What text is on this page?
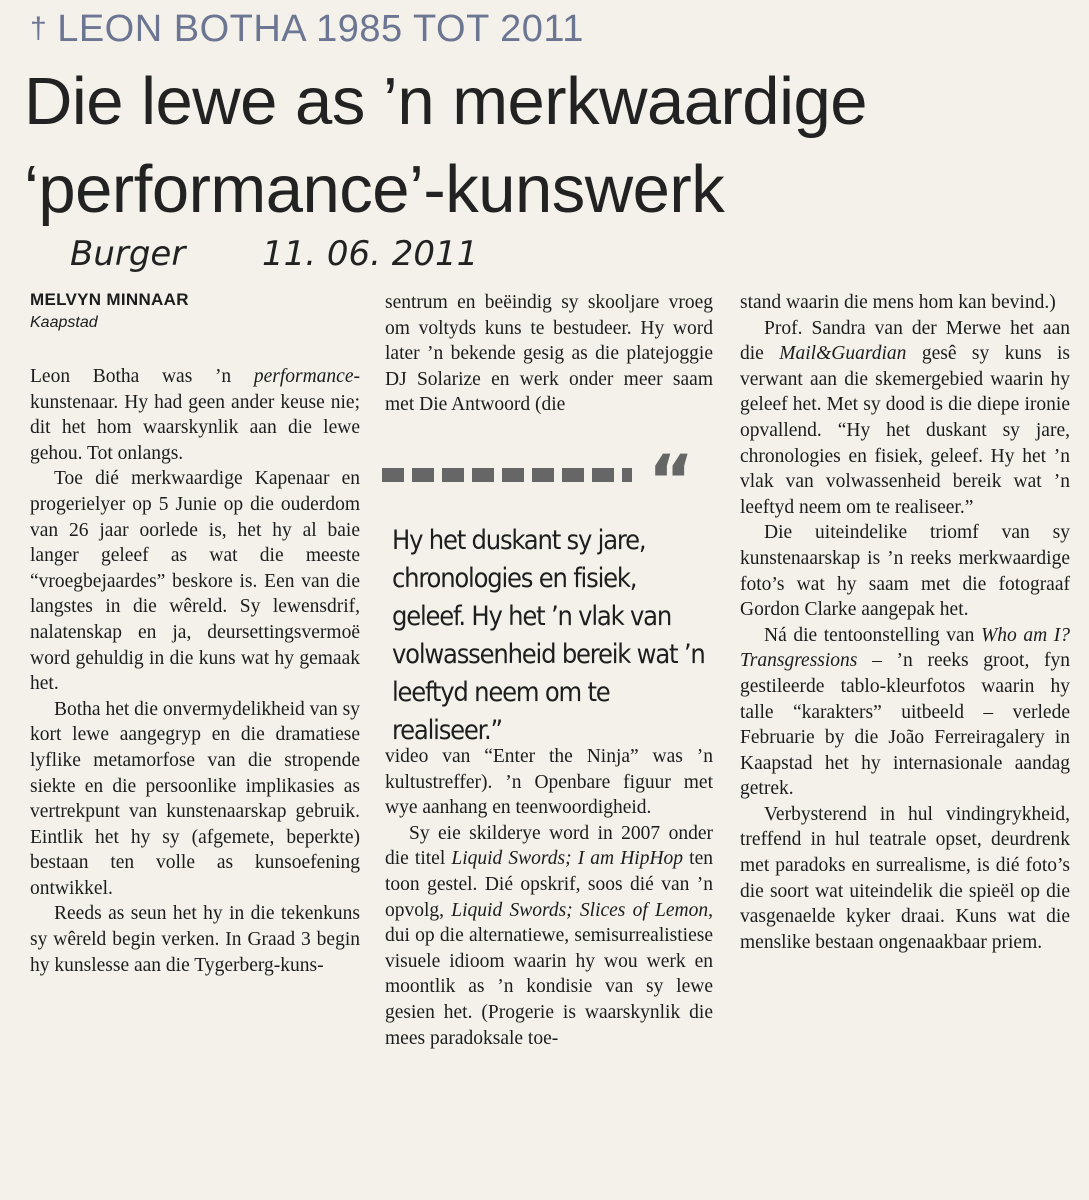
† LEON BOTHA 1985 TOT 2011
Die lewe as ’n merkwaardige
‘performance’-kunswerk
Burger 11. 06. 2011
MELVYN MINNAAR
Kaapstad

Leon Botha was ’n performance-kunstenaar. Hy had geen ander keuse nie; dit het hom waarskynlik aan die lewe gehou. Tot onlangs.

Toe dié merkwaardige Kapenaar en progerielyer op 5 Junie op die ouderdom van 26 jaar oorlede is, het hy al baie langer geleef as wat die meeste “vroegbejaardes” beskore is. Een van die langstes in die wêreld. Sy lewensdrif, nalatenskap en ja, deursettingsvermoë word gehuldig in die kuns wat hy gemaak het.

Botha het die onvermydelikheid van sy kort lewe aangegryp en die dramatiese lyflike metamorfose van die stropende siekte en die persoonlike implikasies as vertrekpunt van kunstenaarskap gebruik. Eintlik het hy sy (afgemete, beperkte) bestaan ten volle as kunsoefening ontwikkel.

Reeds as seun het hy in die tekenkuns sy wêreld begin verken. In Graad 3 begin hy kunslesse aan die Tygerberg-kuns-

sentrum en beëindig sy skooljare vroeg om voltyds kuns te bestudeer. Hy word later ’n bekende gesig as die platejoggie DJ Solarize en werk onder meer saam met Die Antwoord (die

“
Hy het duskant sy jare, chronologies en fisiek, geleef. Hy het ’n vlak van volwassenheid bereik wat ’n leeftyd neem om te realiseer.”

video van “Enter the Ninja” was ’n kultustreffer). ’n Openbare figuur met wye aanhang en teenwoordigheid.

Sy eie skilderye word in 2007 onder die titel Liquid Swords; I am HipHop ten toon gestel. Dié opskrif, soos dié van ’n opvolg, Liquid Swords; Slices of Lemon, dui op die alternatiewe, semisurrealistiese visuele idioom waarin hy wou werk en moontlik as ’n kondisie van sy lewe gesien het. (Progerie is waarskynlik die mees paradoksale toe-

stand waarin die mens hom kan bevind.)

Prof. Sandra van der Merwe het aan die Mail&Guardian gesê sy kuns is verwant aan die skemergebied waarin hy geleef het. Met sy dood is die diepe ironie opvallend. “Hy het duskant sy jare, chronologies en fisiek, geleef. Hy het ’n vlak van volwassenheid bereik wat ’n leeftyd neem om te realiseer.”

Die uiteindelike triomf van sy kunstenaarskap is ’n reeks merkwaardige foto’s wat hy saam met die fotograaf Gordon Clarke aangepak het.

Ná die tentoonstelling van Who am I? Transgressions – ’n reeks groot, fyn gestileerde tablo-kleurfotos waarin hy talle “karakters” uitbeeld – verlede Februarie by die João Ferreiragalery in Kaapstad het hy internasionale aandag getrek.

Verbysterend in hul vindingrykheid, treffend in hul teatrale opset, deurdrenk met paradoks en surrealisme, is dié foto’s die soort wat uiteindelik die spieël op die vasgenaelde kyker draai. Kuns wat die menslike bestaan ongenaakbaar priem.
